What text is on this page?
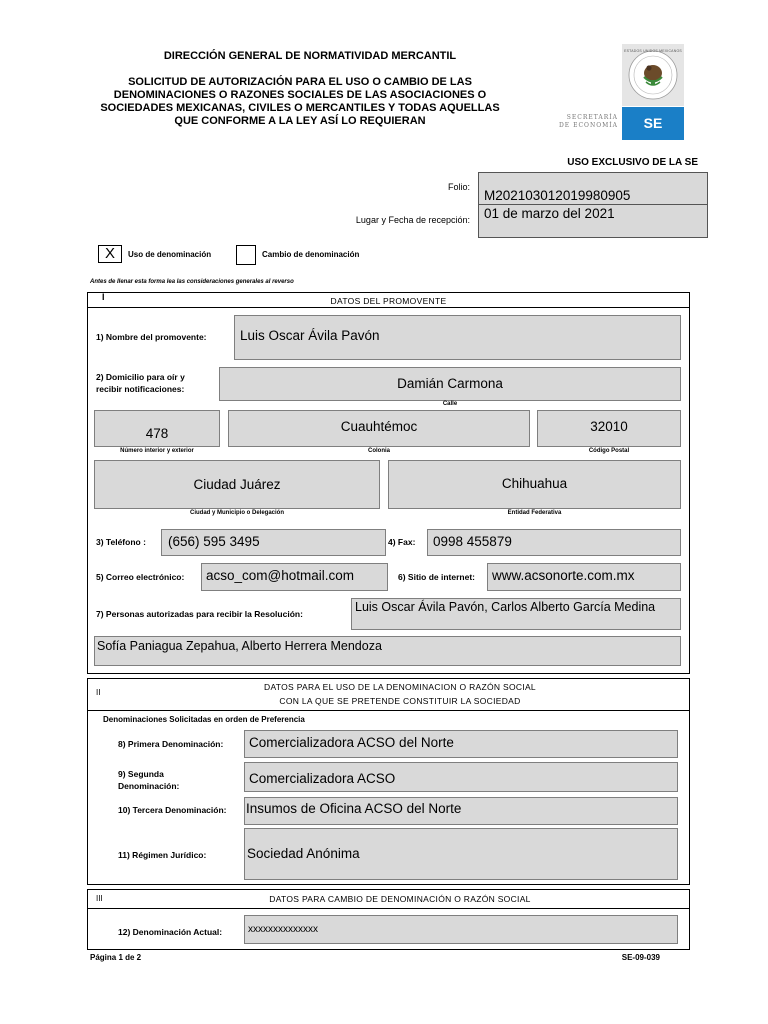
DIRECCIÓN GENERAL DE NORMATIVIDAD MERCANTIL
SOLICITUD DE AUTORIZACIÓN PARA EL USO O CAMBIO DE LAS
DENOMINACIONES O RAZONES SOCIALES DE LAS ASOCIACIONES O
SOCIEDADES MEXICANAS, CIVILES O MERCANTILES Y TODAS AQUELLAS
QUE CONFORME A LA LEY ASÍ LO REQUIERAN
ESTADOS UNIDOS MEXICANOS
SECRETARÍA
DE ECONOMÍA	SE
USO EXCLUSIVO DE LA SE
Folio:
M202103012019980905
Lugar y Fecha de recepción: 01 de marzo del 2021
X	Uso de denominación	Cambio de denominación
Antes de llenar esta forma lea las consideraciones generales al reverso
I	DATOS DEL PROMOVENTE
1) Nombre del promovente:	Luis Oscar Ávila Pavón
2) Domicilio para oír y
recibir notificaciones:	Damián Carmona
Calle
478
Número interior y exterior
Cuauhtémoc
Colonia
32010
Código Postal
Ciudad Juárez
Ciudad y Municipio o Delegación
Chihuahua
Entidad Federativa
3) Teléfono :	(656) 595 3495	4) Fax:	0998 455879
5) Correo electrónico:	acso_com@hotmail.com	6) Sitio de internet:	www.acsonorte.com.mx
7) Personas autorizadas para recibir la Resolución:	Luis Oscar Ávila Pavón, Carlos Alberto García Medina
Sofía Paniagua Zepahua, Alberto Herrera Mendoza
II
DATOS PARA EL USO DE LA DENOMINACION O RAZÓN SOCIAL
CON LA QUE SE PRETENDE CONSTITUIR LA SOCIEDAD
Denominaciones Solicitadas en orden de Preferencia
8) Primera Denominación:	Comercializadora ACSO del Norte
9) Segunda
Denominación:	Comercializadora ACSO
10) Tercera Denominación: Insumos de Oficina ACSO del Norte
11) Régimen Jurídico:	Sociedad Anónima
III	DATOS PARA CAMBIO DE DENOMINACIÓN O RAZÓN SOCIAL
12) Denominación Actual:	xxxxxxxxxxxxxx
Página 1 de 2	SE-09-039
